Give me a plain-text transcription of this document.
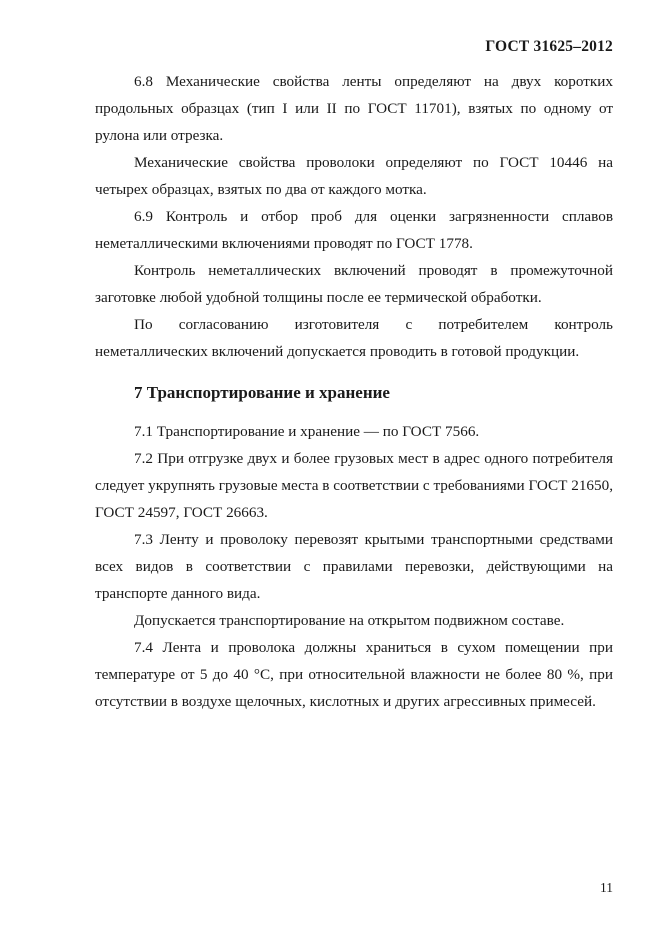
ГОСТ 31625–2012

6.8 Механические свойства ленты определяют на двух коротких продольных образцах (тип I или II по ГОСТ 11701), взятых по одному от рулона или отрезка.

Механические свойства проволоки определяют по ГОСТ 10446 на четырех образцах, взятых по два от каждого мотка.

6.9 Контроль и отбор проб для оценки загрязненности сплавов неметаллическими включениями проводят по ГОСТ 1778.

Контроль неметаллических включений проводят в промежуточной заготовке любой удобной толщины после ее термической обработки.

По согласованию изготовителя с потребителем контроль неметаллических включений допускается проводить в готовой продукции.

7 Транспортирование и хранение

7.1 Транспортирование и хранение — по ГОСТ 7566.

7.2 При отгрузке двух и более грузовых мест в адрес одного потребителя следует укрупнять грузовые места в соответствии с требованиями ГОСТ 21650, ГОСТ 24597, ГОСТ 26663.

7.3 Ленту и проволоку перевозят крытыми транспортными средствами всех видов в соответствии с правилами перевозки, действующими на транспорте данного вида.

Допускается транспортирование на открытом подвижном составе.

7.4 Лента и проволока должны храниться в сухом помещении при температуре от 5 до 40 °С, при относительной влажности не более 80 %, при отсутствии в воздухе щелочных, кислотных и других агрессивных примесей.

11
